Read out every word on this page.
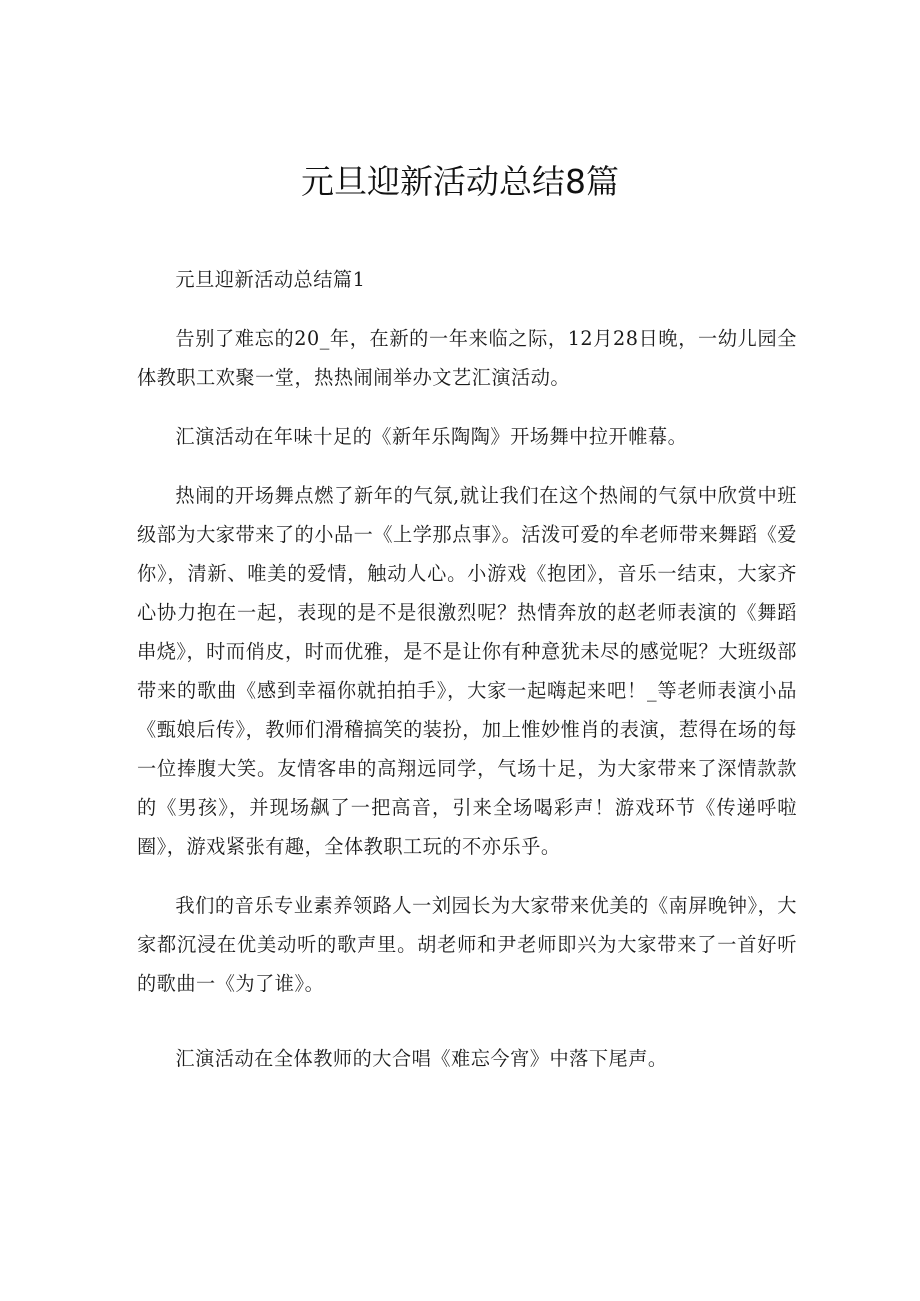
元旦迎新活动总结8篇

元旦迎新活动总结篇1

告别了难忘的20_年，在新的一年来临之际，12月28日晚，一幼儿园全体教职工欢聚一堂，热热闹闹举办文艺汇演活动。

汇演活动在年味十足的《新年乐陶陶》开场舞中拉开帷幕。

热闹的开场舞点燃了新年的气氛,就让我们在这个热闹的气氛中欣赏中班级部为大家带来了的小品一《上学那点事》。活泼可爱的牟老师带来舞蹈《爱你》，清新、唯美的爱情，触动人心。小游戏《抱团》，音乐一结束，大家齐心协力抱在一起，表现的是不是很激烈呢？热情奔放的赵老师表演的《舞蹈串烧》，时而俏皮，时而优雅，是不是让你有种意犹未尽的感觉呢？大班级部带来的歌曲《感到幸福你就拍拍手》，大家一起嗨起来吧！_等老师表演小品《甄娘后传》，教师们滑稽搞笑的装扮，加上惟妙惟肖的表演，惹得在场的每一位捧腹大笑。友情客串的高翔远同学，气场十足，为大家带来了深情款款的《男孩》，并现场飙了一把高音，引来全场喝彩声！游戏环节《传递呼啦圈》，游戏紧张有趣，全体教职工玩的不亦乐乎。

我们的音乐专业素养领路人一刘园长为大家带来优美的《南屏晚钟》，大家都沉浸在优美动听的歌声里。胡老师和尹老师即兴为大家带来了一首好听的歌曲一《为了谁》。

汇演活动在全体教师的大合唱《难忘今宵》中落下尾声。
